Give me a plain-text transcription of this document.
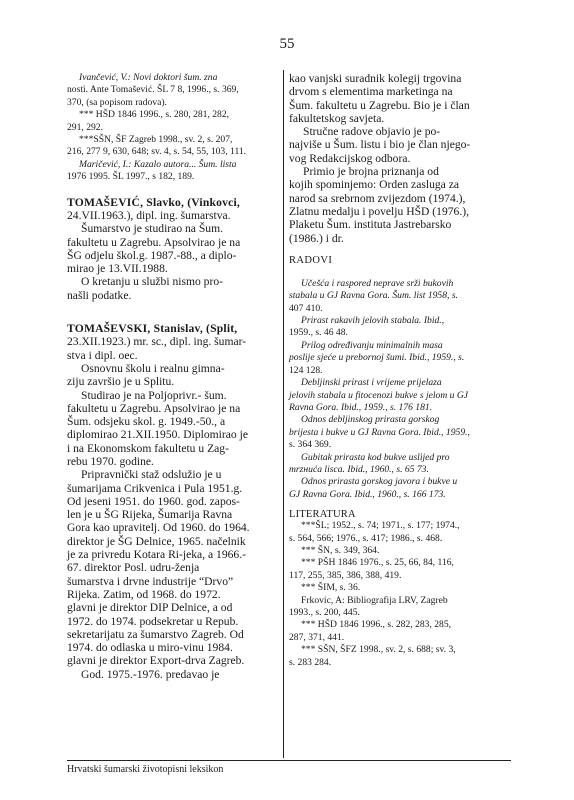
55

Ivančević, V.: Novi doktori šum. zna

nosti. Ante Tomašević. ŠL 7 8, 1996., s. 369,

370, (sa popisom radova).

*** HŠD 1846 1996., s. 280, 281, 282,

291, 292.

***SŠN, ŠF Zagreb 1998., sv. 2, s. 207,

216, 277 9, 630, 648; sv. 4, s. 54, 55, 103, 111.

Maričević, I.: Kazalo autora... Šum. lista

1976 1995. ŠL 1997., s 182, 189.

TOMAŠEVIĆ, Slavko, (Vinkovci,

24.VII.1963.), dipl. ing. šumarstva.

Šumarstvo je studirao na Šum.

fakultetu u Zagrebu. Apsolvirao je na

ŠG odjelu škol.g. 1987.-88., a diplo-

mirao je 13.VII.1988.

O kretanju u službi nismo pro-

našli podatke.

TOMAŠEVSKI, Stanislav, (Split,

23.XII.1923.) mr. sc., dipl. ing. šumar-

stva i dipl. oec.

Osnovnu školu i realnu gimna-

ziju završio je u Splitu.

Studirao je na Poljoprivr.- šum.

fakultetu u Zagrebu. Apsolvirao je na

Šum. odsjeku skol. g. 1949.-50., a

diplomirao 21.XII.1950. Diplomirao je

i na Ekonomskom fakultetu u Zag-

rebu 1970. godine.

Pripravnički staž odslužio je u

šumarijama Crikvenica i Pula 1951.g.

Od jeseni 1951. do 1960. god. zapos-

len je u ŠG Rijeka, Šumarija Ravna

Gora kao upravitelj. Od 1960. do 1964.

direktor je ŠG Delnice, 1965. načelnik

je za privredu Kotara Ri-jeka, a 1966.-

67. direktor Posl. udru-ženja

šumarstva i drvne industrije “Drvo”

Rijeka. Zatim, od 1968. do 1972.

glavni je direktor DIP Delnice, a od

1972. do 1974. podsekretar u Repub.

sekretarijatu za šumarstvo Zagreb. Od

1974. do odlaska u miro-vinu 1984.

glavni je direktor Export-drva Zagreb.

God. 1975.-1976. predavao je

kao vanjski suradnik kolegij trgovina

drvom s elementima marketinga na

Šum. fakultetu u Zagrebu. Bio je i član

fakultetskog savjeta.

Stručne radove objavio je po-

najviše u Šum. listu i bio je član njego-

vog Redakcijskog odbora.

Primio je brojna priznanja od

kojih spominjemo: Orden zasluga za

narod sa srebrnom zvijezdom (1974.),

Zlatnu medalju i povelju HŠD (1976.),

Plaketu Šum. instituta Jastrebarsko

(1986.) i dr.

RADOVI

Učešća i raspored neprave srži bukovih

stabala u GJ Ravna Gora. Šum. list 1958, s.

407 410.

Prirast rakavih jelovih stabala. Ibid.,

1959., s. 46 48.

Prilog određivanju minimalnih masa

poslije sjeće u prebornoj šumi. Ibid., 1959., s.

124 128.

Debljinski prirast i vrijeme prijelaza

jelovih stabala u fitocenozi bukve s jelom u GJ

Ravna Gora. Ibid., 1959., s. 176 181.

Odnos debljinskog prirasta gorskog

brijesta i bukve u GJ Ravna Gora. Ibid., 1959.,

s. 364 369.

Gubitak prirasta kod bukve uslijed pro

mrzнuća lisca. Ibid., 1960., s. 65 73.

Odnos prirasta gorskog javora i bukve u

GJ Ravna Gora. Ibid., 1960., s. 166 173.

LITERATURA

***ŠL; 1952., s. 74; 1971., s. 177; 1974.,

s. 564, 566; 1976., s. 417; 1986., s. 468.

*** ŠN, s. 349, 364.

*** PŠH 1846 1976., s. 25, 66, 84, 116,

117, 255, 385, 386, 388, 419.

*** ŠIM, s. 36.

Frkovic, A: Bibliografija LRV, Zagreb

1993., s. 200, 445.

*** HŠD 1846 1996., s. 282, 283, 285,

287, 371, 441.

*** SŠN, ŠFZ 1998., sv. 2, s. 688; sv. 3,

s. 283 284.

Hrvatski šumarski životopisni leksikon
